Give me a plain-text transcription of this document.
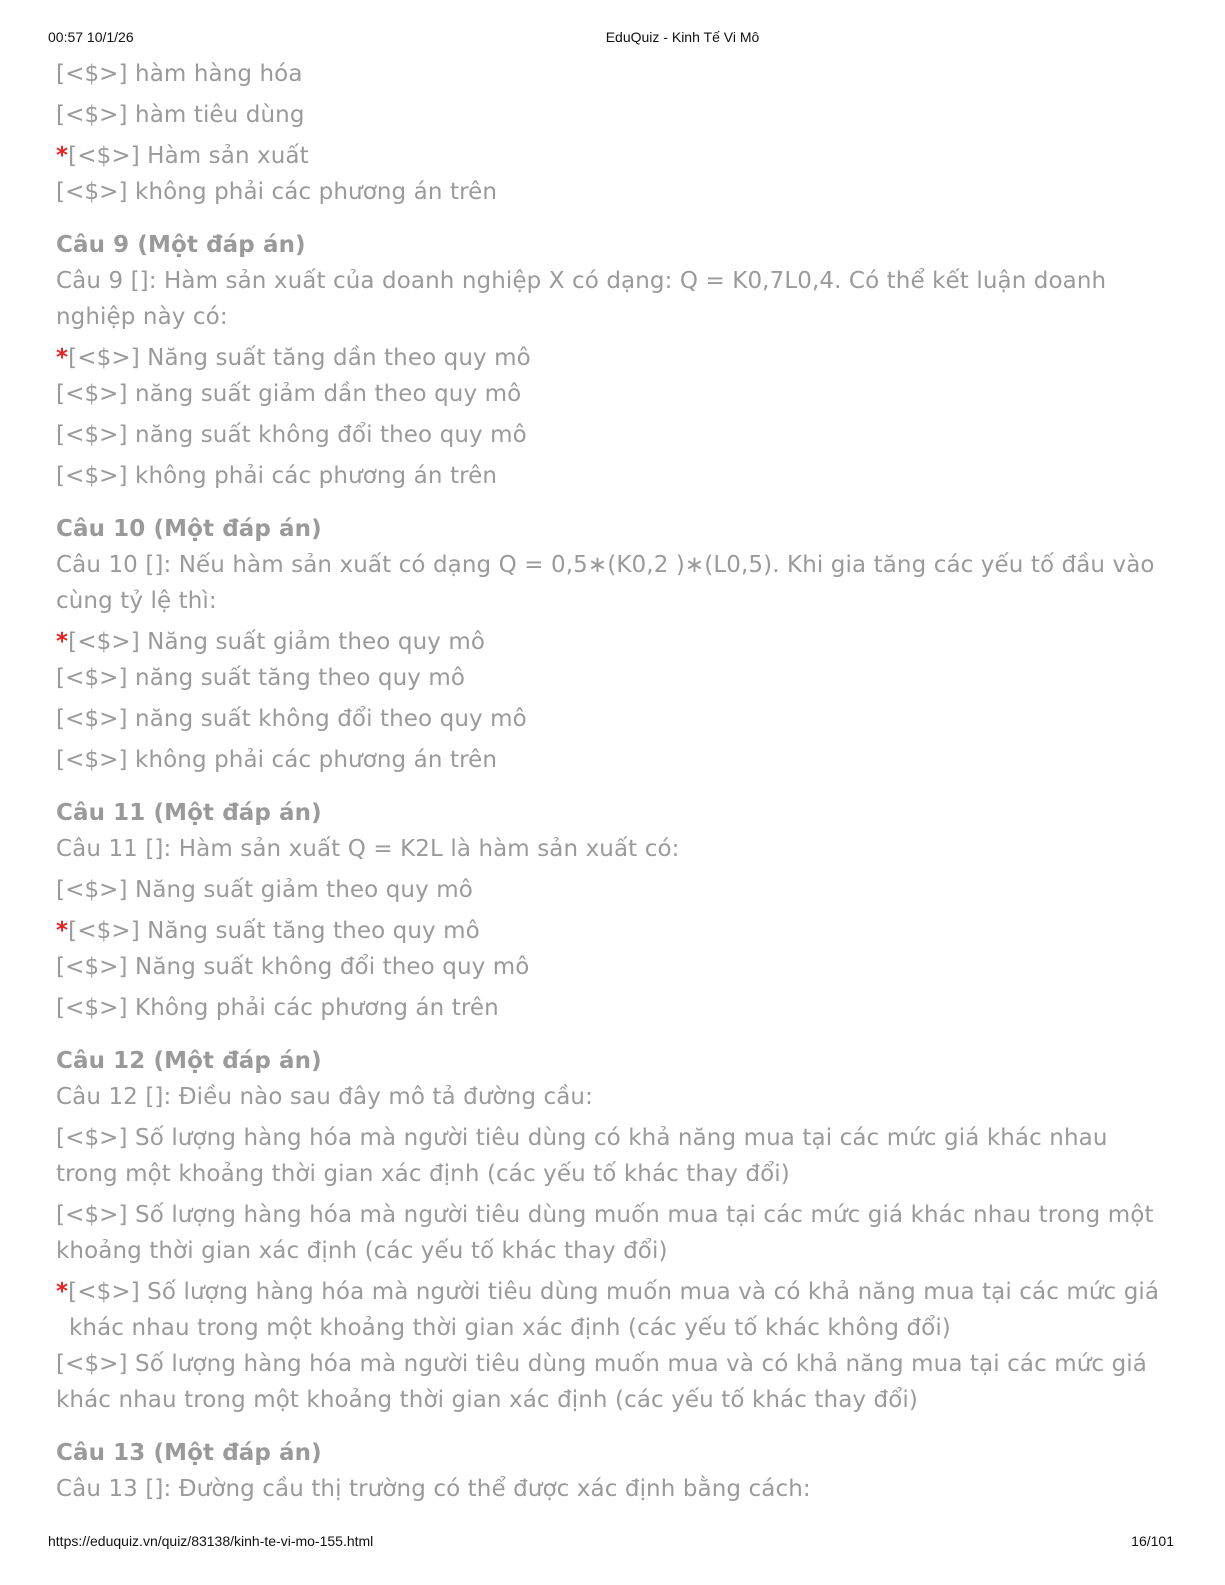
00:57 10/1/26	EduQuiz - Kinh Tế Vi Mô
[<$>] hàm hàng hóa
[<$>] hàm tiêu dùng
*[<$>] Hàm sản xuất
[<$>] không phải các phương án trên
Câu 9 (Một đáp án)
Câu 9 []: Hàm sản xuất của doanh nghiệp X có dạng: Q = K0,7L0,4. Có thể kết luận doanh nghiệp này có:
*[<$>] Năng suất tăng dần theo quy mô
[<$>] năng suất giảm dần theo quy mô
[<$>] năng suất không đổi theo quy mô
[<$>] không phải các phương án trên
Câu 10 (Một đáp án)
Câu 10 []: Nếu hàm sản xuất có dạng Q = 0,5∗(K0,2 )∗(L0,5). Khi gia tăng các yếu tố đầu vào cùng tỷ lệ thì:
*[<$>] Năng suất giảm theo quy mô
[<$>] năng suất tăng theo quy mô
[<$>] năng suất không đổi theo quy mô
[<$>] không phải các phương án trên
Câu 11 (Một đáp án)
Câu 11 []: Hàm sản xuất Q = K2L là hàm sản xuất có:
[<$>] Năng suất giảm theo quy mô
*[<$>] Năng suất tăng theo quy mô
[<$>] Năng suất không đổi theo quy mô
[<$>] Không phải các phương án trên
Câu 12 (Một đáp án)
Câu 12 []: Điều nào sau đây mô tả đường cầu:
[<$>] Số lượng hàng hóa mà người tiêu dùng có khả năng mua tại các mức giá khác nhau trong một khoảng thời gian xác định (các yếu tố khác thay đổi)
[<$>] Số lượng hàng hóa mà người tiêu dùng muốn mua tại các mức giá khác nhau trong một khoảng thời gian xác định (các yếu tố khác thay đổi)
*[<$>] Số lượng hàng hóa mà người tiêu dùng muốn mua và có khả năng mua tại các mức giá khác nhau trong một khoảng thời gian xác định (các yếu tố khác không đổi)
[<$>] Số lượng hàng hóa mà người tiêu dùng muốn mua và có khả năng mua tại các mức giá khác nhau trong một khoảng thời gian xác định (các yếu tố khác thay đổi)
Câu 13 (Một đáp án)
Câu 13 []: Đường cầu thị trường có thể được xác định bằng cách:
https://eduquiz.vn/quiz/83138/kinh-te-vi-mo-155.html	16/101
